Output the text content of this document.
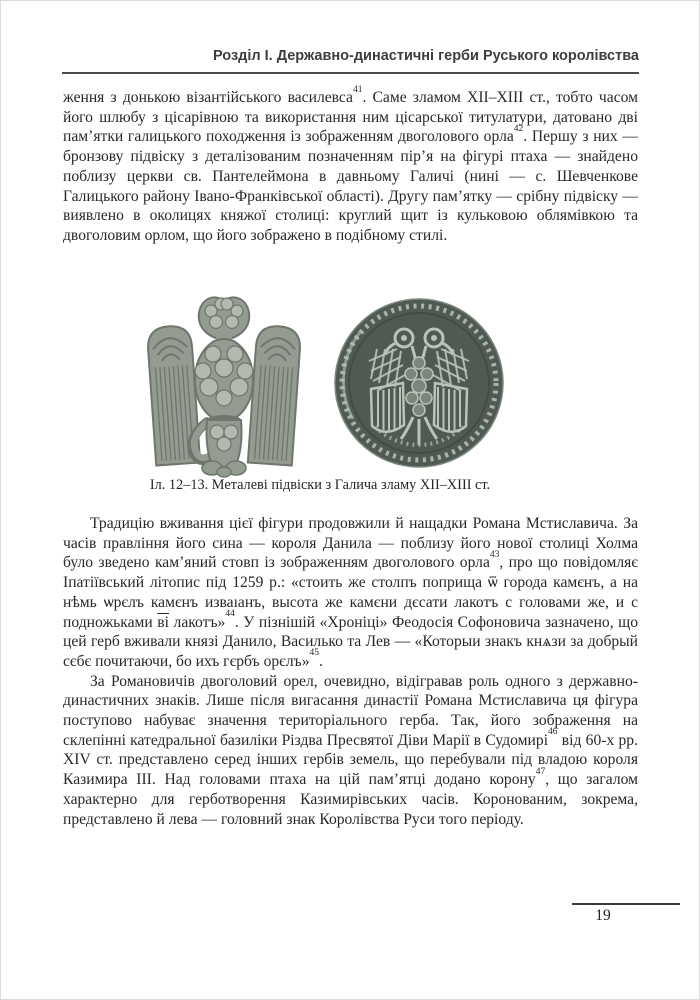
Розділ І. Державно-династичні герби Руського королівства

ження з донькою візантійського василевса$^{41}$. Саме зламом XII–XIII ст., тобто часом його шлюбу з цісарівною та використання ним цісарської титулатури, датовано дві пам’ятки галицького походження із зображенням двоголового орла$^{42}$. Першу з них — бронзову підвіску з деталізованим позначенням пір’я на фігурі птаха — знайдено поблизу церкви св. Пантелеймона в давньому Галичі (нині — с. Шевченкове Галицького району Івано-Франківської області). Другу пам’ятку — срібну підвіску — виявлено в околицях княжої столиці: круглий щит із кульковою облямівкою та двоголовим орлом, що його зображено в подібному стилі.

Іл. 12–13. Металеві підвіски з Галича зламу XII–XIII ст.

Традицію вживання цієї фігури продовжили й нащадки Романа Мстиславича. За часів правління його сина — короля Данила — поблизу його нової столиці Холма було зведено кам’яний стовп із зображенням двоголового орла$^{43}$, про що повідомляє Іпатіївський літопис під 1259 р.: «стоить же столпъ поприща ѿ города камєнъ, а на нѣмь ѡрєлъ камєнъ изваıанъ, высота же камєни дєсати лакотъ с головами же, и с подножьками ві лакотъ»$^{44}$. У пізнішій «Хроніці» Феодосія Софоновича зазначено, що цей герб вживали князі Данило, Василько та Лев — «Которыи знакъ кнѧзи за добрый сєбє почитаючи, бо ихъ гєрбъ орєлъ»$^{45}$.

За Романовичів двоголовий орел, очевидно, відігравав роль одного з державно-династичних знаків. Лише після вигасання династії Романа Мстиславича ця фігура поступово набуває значення територіального герба. Так, його зображення на склепінні катедральної базиліки Різдва Пресвятої Діви Марії в Судомирі$^{46}$ від 60-х рр. XIV ст. представлено серед інших гербів земель, що перебували під владою короля Казимира III. Над головами птаха на цій пам’ятці додано корону$^{47}$, що загалом характерно для герботворення Казимирівських часів. Коронованим, зокрема, представлено й лева — головний знак Королівства Руси того періоду.

19
